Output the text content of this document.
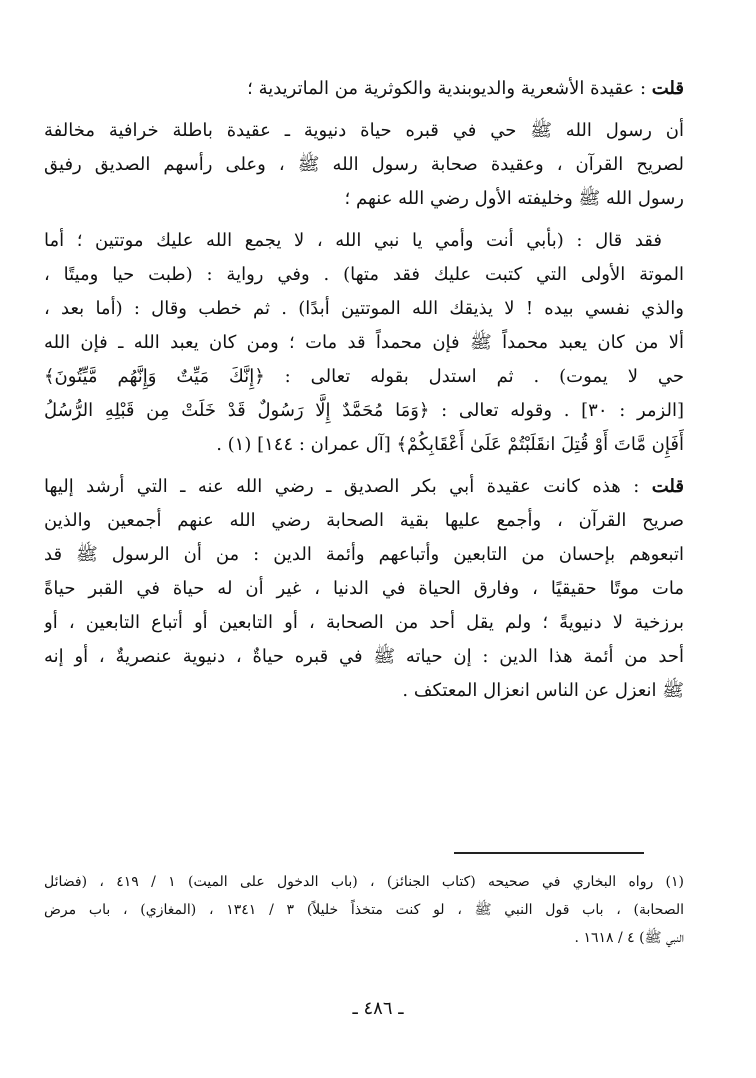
قلت : عقيدة الأشعرية والديوبندية والكوثرية من الماتريدية ؛
أن رسول الله ﷺ حي في قبره حياة دنيوية ـ عقيدة باطلة خرافية مخالفة
لصريح القرآن ، وعقيدة صحابة رسول الله ﷺ ، وعلى رأسهم الصديق رفيق
رسول الله ﷺ وخليفته الأول رضي الله عنهم ؛
فقد قال : (بأبي أنت وأمي يا نبي الله ، لا يجمع الله عليك موتتين ؛ أما
الموتة الأولى التي كتبت عليك فقد متها) . وفي رواية : (طبت حيا وميتًا ،
والذي نفسي بيده ! لا يذيقك الله الموتتين أبدًا) . ثم خطب وقال : (أما بعد ،
ألا من كان يعبد محمداً ﷺ فإن محمداً قد مات ؛ ومن كان يعبد الله ـ فإن الله
حي لا يموت) . ثم استدل بقوله تعالى : ﴿إِنَّكَ مَيِّتٌ وَإِنَّهُم مَّيِّتُونَ﴾
[الزمر : ٣٠] . وقوله تعالى : ﴿وَمَا مُحَمَّدٌ إِلَّا رَسُولٌ قَدْ خَلَتْ مِن قَبْلِهِ الرُّسُلُ
أَفَإِن مَّاتَ أَوْ قُتِلَ انقَلَبْتُمْ عَلَىٰ أَعْقَابِكُمْ﴾ [آل عمران : ١٤٤] (١) .
قلت : هذه كانت عقيدة أبي بكر الصديق ـ رضي الله عنه ـ التي أرشد إليها
صريح القرآن ، وأجمع عليها بقية الصحابة رضي الله عنهم أجمعين والذين
اتبعوهم بإحسان من التابعين وأتباعهم وأئمة الدين : من أن الرسول ﷺ قد
مات موتًا حقيقيًا ، وفارق الحياة في الدنيا ، غير أن له حياة في القبر حياةً
برزخية لا دنيويةً ؛ ولم يقل أحد من الصحابة ، أو التابعين أو أتباع التابعين ، أو
أحد من أئمة هذا الدين : إن حياته ﷺ في قبره حياةٌ ، دنيوية عنصريةٌ ، أو إنه
ﷺ انعزل عن الناس انعزال المعتكف .
(١) رواه البخاري في صحيحه (كتاب الجنائز) ، (باب الدخول على الميت) ١ / ٤١٩ ، (فضائل
الصحابة) ، باب قول النبي ﷺ ، لو كنت متخذاً خليلاً) ٣ / ١٣٤١ ، (المغازي) ، باب مرض
النبي ﷺ) ٤ / ١٦١٨ .
ـ ٤٨٦ ـ
